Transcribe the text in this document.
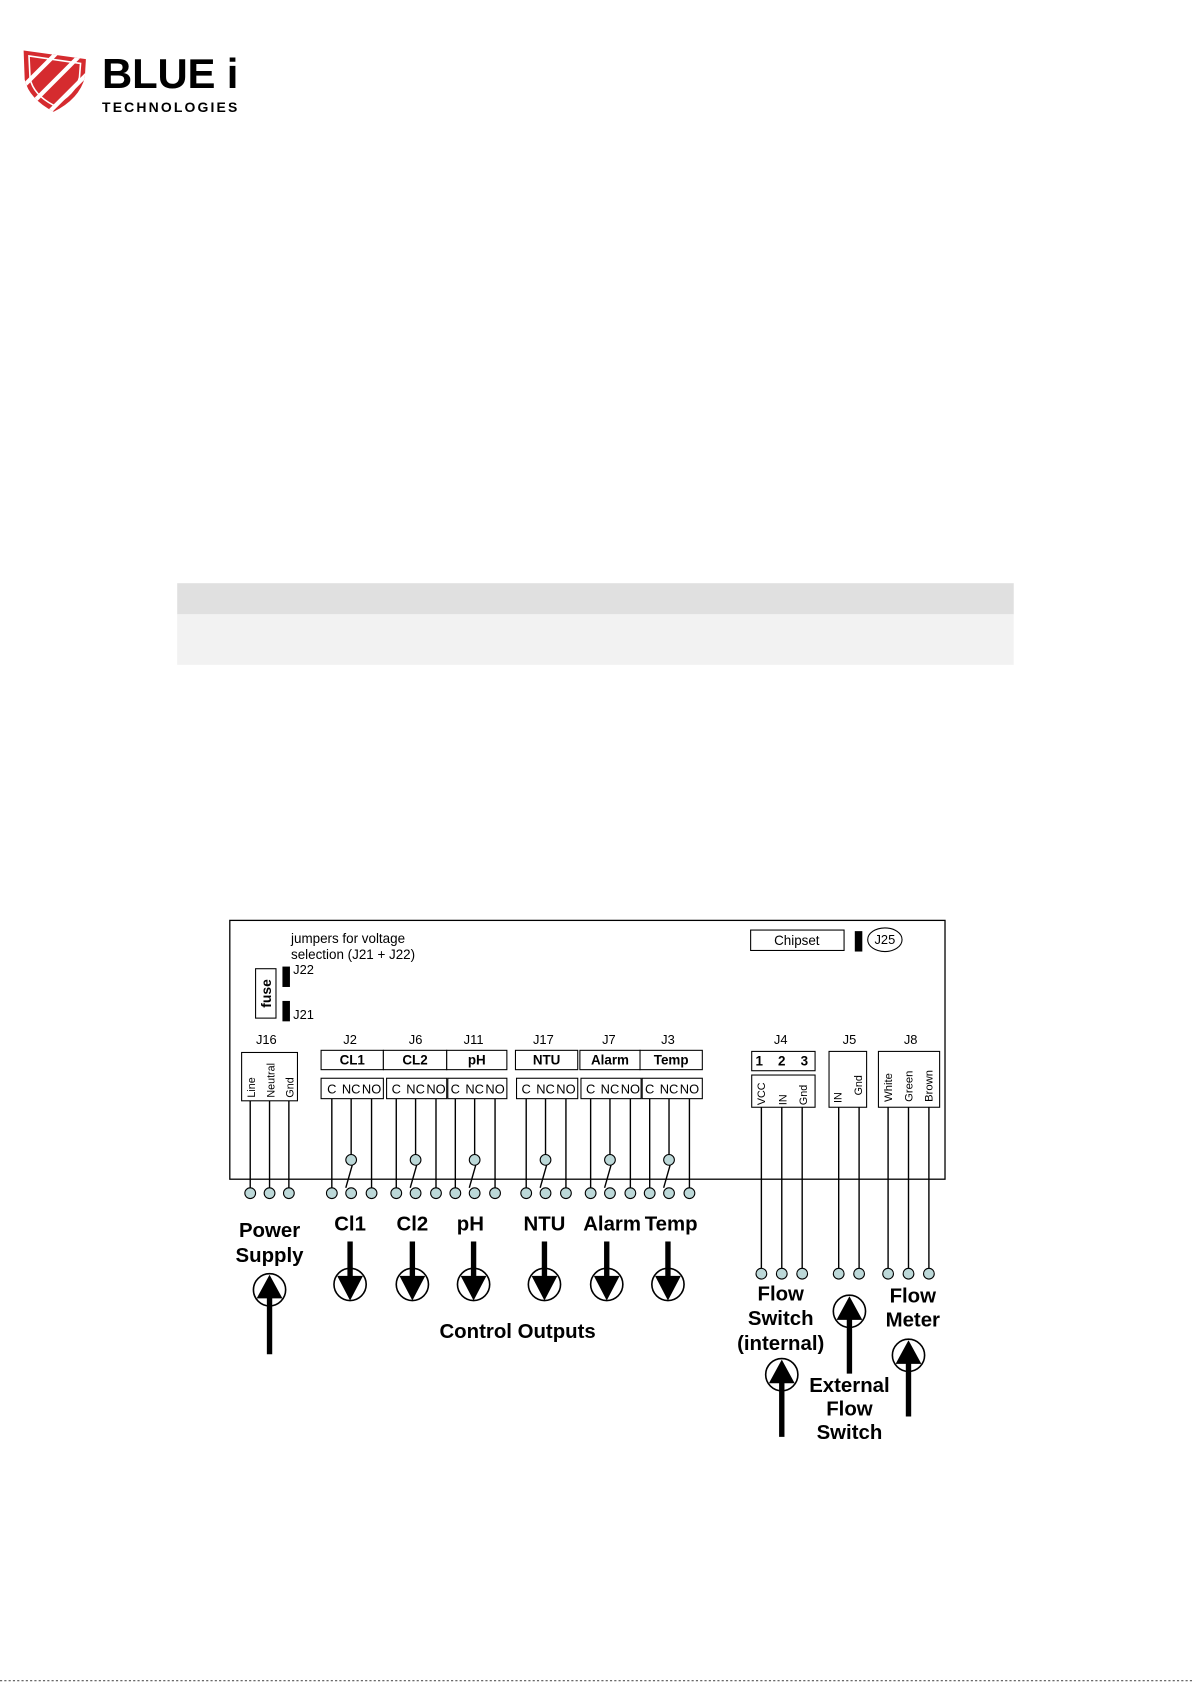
BLUE i
TECHNOLOGIES
jumpers for voltage
selection (J21 + J22)
J22
J21
fuse
Chipset	J25
J16
Line Neutral Gnd
Power
Supply
J2
CL1
C NC NO
Cl1
J6
CL2
C NC NO
Cl2
J11
pH
C NC NO
pH
J17
NTU
C NC NO
NTU
J7
Alarm
C NC NO
Alarm
J3
Temp
C NC NO
Temp
Control Outputs
J4
1 2 3
VCC IN Gnd
Flow
Switch
(internal)
J5
IN
Gnd
External
Flow
Switch
J8
White Green Brown
Flow
Meter
